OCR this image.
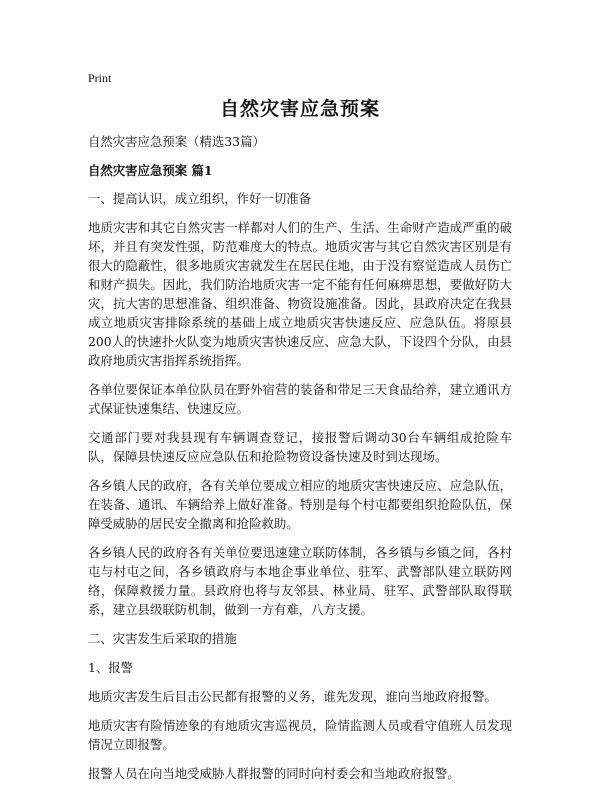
Print
自然灾害应急预案

自然灾害应急预案（精选33篇）

自然灾害应急预案 篇1

一、提高认识，成立组织，作好一切准备

地质灾害和其它自然灾害一样都对人们的生产、生活、生命财产造成严重的破坏，并且有突发性强，防范难度大的特点。地质灾害与其它自然灾害区别是有很大的隐蔽性，很多地质灾害就发生在居民住地，由于没有察觉造成人员伤亡和财产损失。因此，我们防治地质灾害一定不能有任何麻痹思想，要做好防大灾，抗大害的思想准备、组织准备、物资设施准备。因此，县政府决定在我县成立地质灾害排除系统的基础上成立地质灾害快速反应、应急队伍。将原县200人的快速扑火队变为地质灾害快速反应、应急大队，下设四个分队，由县政府地质灾害指挥系统指挥。

各单位要保证本单位队员在野外宿营的装备和带足三天食品给养，建立通讯方式保证快速集结、快速反应。

交通部门要对我县现有车辆调查登记，接报警后调动30台车辆组成抢险车队，保障县快速反应应急队伍和抢险物资设备快速及时到达现场。

各乡镇人民的政府，各有关单位要成立相应的地质灾害快速反应、应急队伍，在装备、通讯、车辆给养上做好准备。特别是每个村屯都要组织抢险队伍，保障受威胁的居民安全撤离和抢险救助。

各乡镇人民的政府各有关单位要迅速建立联防体制，各乡镇与乡镇之间，各村屯与村屯之间，各乡镇政府与本地企事业单位、驻军、武警部队建立联防网络，保障救援力量。县政府也将与友邻县、林业局、驻军、武警部队取得联系，建立县级联防机制，做到一方有难，八方支援。

二、灾害发生后采取的措施

1、报警

地质灾害发生后目击公民都有报警的义务，谁先发现，谁向当地政府报警。

地质灾害有险情迹象的有地质灾害巡视员，险情监测人员或看守值班人员发现情况立即报警。

报警人员在向当地受威胁人群报警的同时向村委会和当地政府报警。
